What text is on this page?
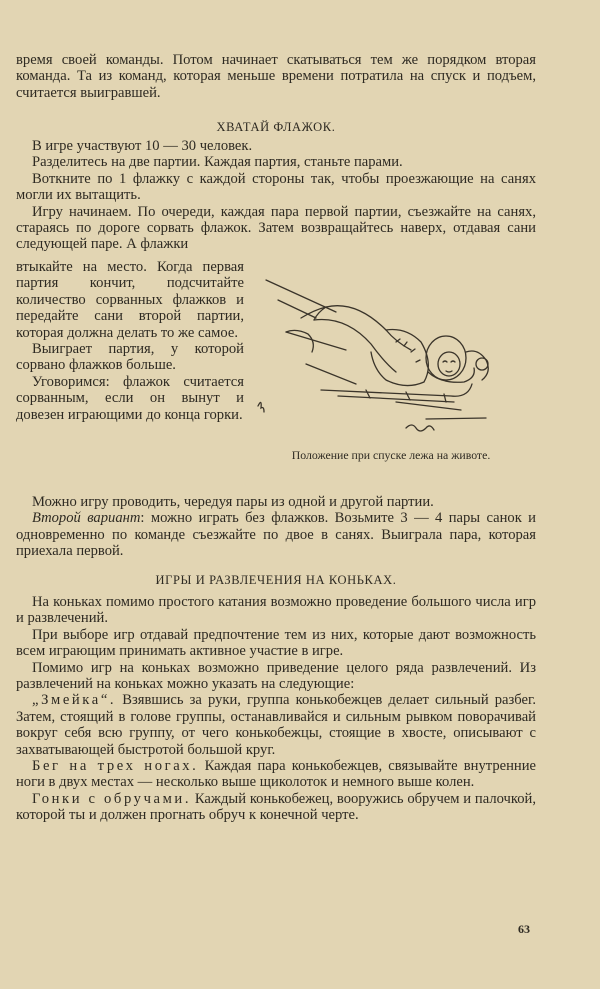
время своей команды. Потом начинает скатываться тем же порядком вторая команда. Та из команд, которая меньше времени потратила на спуск и подъем, считается выигравшей.

ХВАТАЙ ФЛАЖОК.

В игре участвуют 10 — 30 человек.

Разделитесь на две партии. Каждая партия, станьте парами.

Воткните по 1 флажку с каждой стороны так, чтобы проезжающие на санях могли их вытащить.

Игру начинаем. По очереди, каждая пара первой партии, съезжайте на санях, стараясь по дороге сорвать флажок. Затем возвращайтесь наверх, отдавая сани следующей паре. А флажки

втыкайте на место. Когда первая партия кончит, подсчитайте количество сорванных флажков и передайте сани второй партии, которая должна делать то же самое.

Выиграет партия, у которой сорвано флажков больше.

Уговоримся: флажок считается сорванным, если он вынут и довезен играющими до конца горки.

Положение при спуске лежа на животе.

Можно игру проводить, чередуя пары из одной и другой партии.

Второй вариант: можно играть без флажков. Возьмите 3 — 4 пары санок и одновременно по команде съезжайте по двое в санях. Выиграла пара, которая приехала первой.

ИГРЫ И РАЗВЛЕЧЕНИЯ НА КОНЬКАХ.

На коньках помимо простого катания возможно проведение большого числа игр и развлечений.

При выборе игр отдавай предпочтение тем из них, которые дают возможность всем играющим принимать активное участие в игре.

Помимо игр на коньках возможно приведение целого ряда развлечений. Из развлечений на коньках можно указать на следующие:

„Змейка“. Взявшись за руки, группа конькобежцев делает сильный разбег. Затем, стоящий в голове группы, останавливайся и сильным рывком поворачивай вокруг себя всю группу, от чего конькобежцы, стоящие в хвосте, описывают с захватывающей быстротой большой круг.

Бег на трех ногах. Каждая пара конькобежцев, связывайте внутренние ноги в двух местах — несколько выше щиколоток и немного выше колен.

Гонки с обручами. Каждый конькобежец, вооружись обручем и палочкой, которой ты и должен прогнать обруч к конечной черте.

63
